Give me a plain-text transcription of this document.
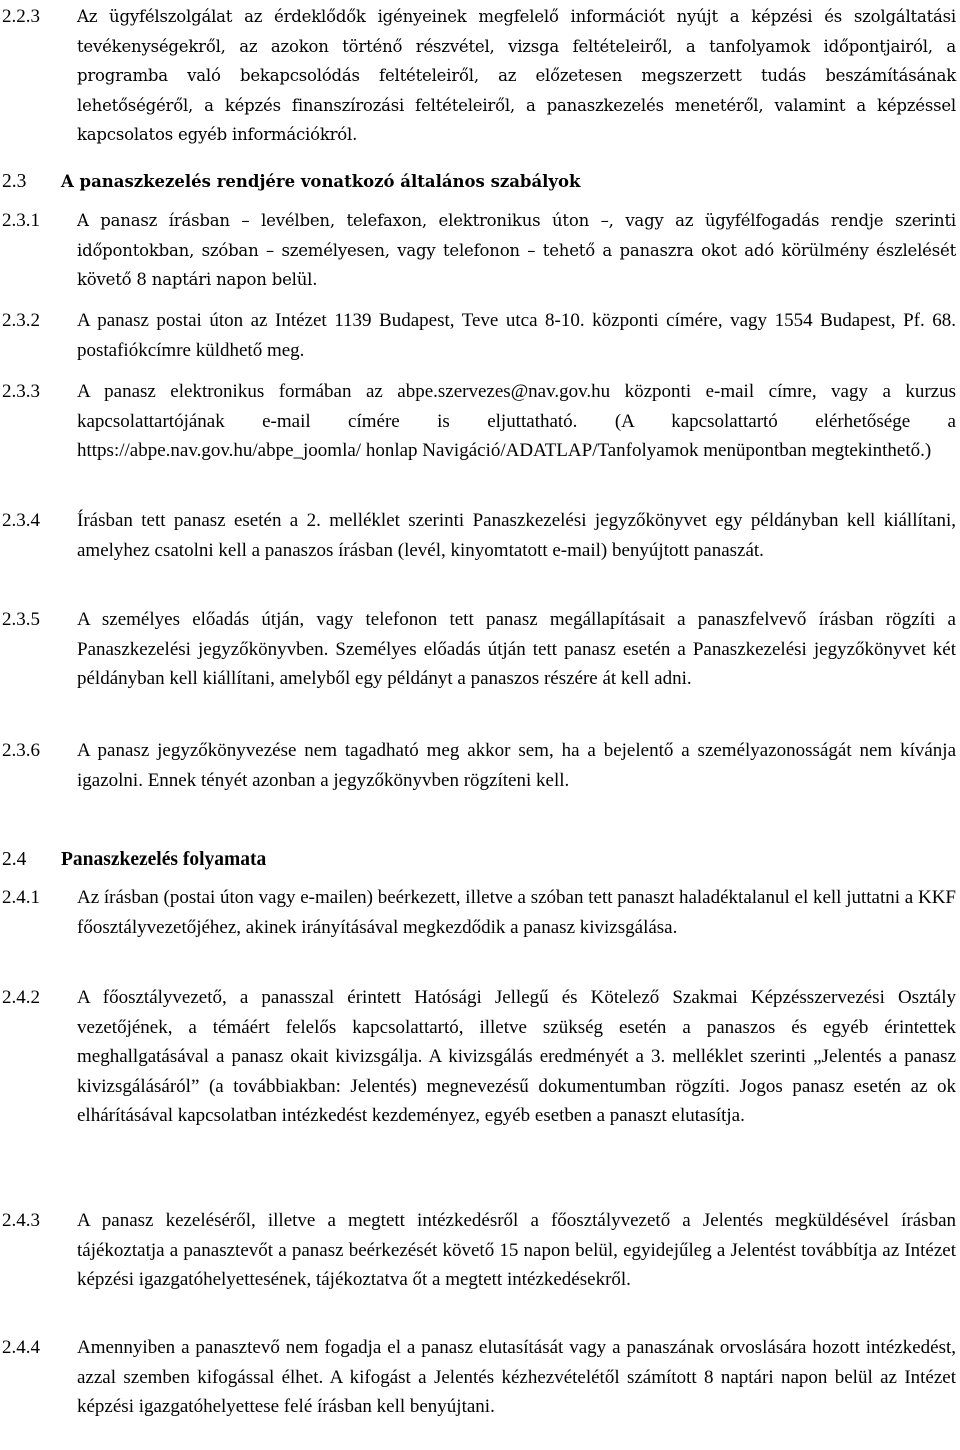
2.2.3 Az ügyfélszolgálat az érdeklődők igényeinek megfelelő információt nyújt a képzési és szolgáltatási tevékenységekről, az azokon történő részvétel, vizsga feltételeiről, a tanfolyamok időpontjairól, a programba való bekapcsolódás feltételeiről, az előzetesen megszerzett tudás beszámításának lehetőségéről, a képzés finanszírozási feltételeiről, a panaszkezelés menetéről, valamint a képzéssel kapcsolatos egyéb információkról.
2.3 A panaszkezelés rendjére vonatkozó általános szabályok
2.3.1 A panasz írásban – levélben, telefaxon, elektronikus úton –, vagy az ügyfélfogadás rendje szerinti időpontokban, szóban – személyesen, vagy telefonon – tehető a panaszra okot adó körülmény észlelését követő 8 naptári napon belül.
2.3.2 A panasz postai úton az Intézet 1139 Budapest, Teve utca 8-10. központi címére, vagy 1554 Budapest, Pf. 68. postafiókcímre küldhető meg.
2.3.3 A panasz elektronikus formában az abpe.szervezes@nav.gov.hu központi e-mail címre, vagy a kurzus kapcsolattartójának e-mail címére is eljuttatható. (A kapcsolattartó elérhetősége a https://abpe.nav.gov.hu/abpe_joomla/ honlap Navigáció/ADATLAP/Tanfolyamok menüpontban megtekinthető.)
2.3.4 Írásban tett panasz esetén a 2. melléklet szerinti Panaszkezelési jegyzőkönyvet egy példányban kell kiállítani, amelyhez csatolni kell a panaszos írásban (levél, kinyomtatott e-mail) benyújtott panaszát.
2.3.5 A személyes előadás útján, vagy telefonon tett panasz megállapításait a panaszfelvevő írásban rögzíti a Panaszkezelési jegyzőkönyvben. Személyes előadás útján tett panasz esetén a Panaszkezelési jegyzőkönyvet két példányban kell kiállítani, amelyből egy példányt a panaszos részére át kell adni.
2.3.6 A panasz jegyzőkönyvezése nem tagadható meg akkor sem, ha a bejelentő a személyazonosságát nem kívánja igazolni. Ennek tényét azonban a jegyzőkönyvben rögzíteni kell.
2.4 Panaszkezelés folyamata
2.4.1 Az írásban (postai úton vagy e-mailen) beérkezett, illetve a szóban tett panaszt haladéktalanul el kell juttatni a KKF főosztályvezetőjéhez, akinek irányításával megkezdődik a panasz kivizsgálása.
2.4.2 A főosztályvezető, a panasszal érintett Hatósági Jellegű és Kötelező Szakmai Képzésszervezési Osztály vezetőjének, a témáért felelős kapcsolattartó, illetve szükség esetén a panaszos és egyéb érintettek meghallgatásával a panasz okait kivizsgálja. A kivizsgálás eredményét a 3. melléklet szerinti „Jelentés a panasz kivizsgálásáról” (a továbbiakban: Jelentés) megnevezésű dokumentumban rögzíti. Jogos panasz esetén az ok elhárításával kapcsolatban intézkedést kezdeményez, egyéb esetben a panaszt elutasítja.
2.4.3 A panasz kezeléséről, illetve a megtett intézkedésről a főosztályvezető a Jelentés megküldésével írásban tájékoztatja a panasztevőt a panasz beérkezését követő 15 napon belül, egyidejűleg a Jelentést továbbítja az Intézet képzési igazgatóhelyettesének, tájékoztatva őt a megtett intézkedésekről.
2.4.4 Amennyiben a panasztevő nem fogadja el a panasz elutasítását vagy a panaszának orvoslására hozott intézkedést, azzal szemben kifogással élhet. A kifogást a Jelentés kézhezvételétől számított 8 naptári napon belül az Intézet képzési igazgatóhelyettese felé írásban kell benyújtani.
